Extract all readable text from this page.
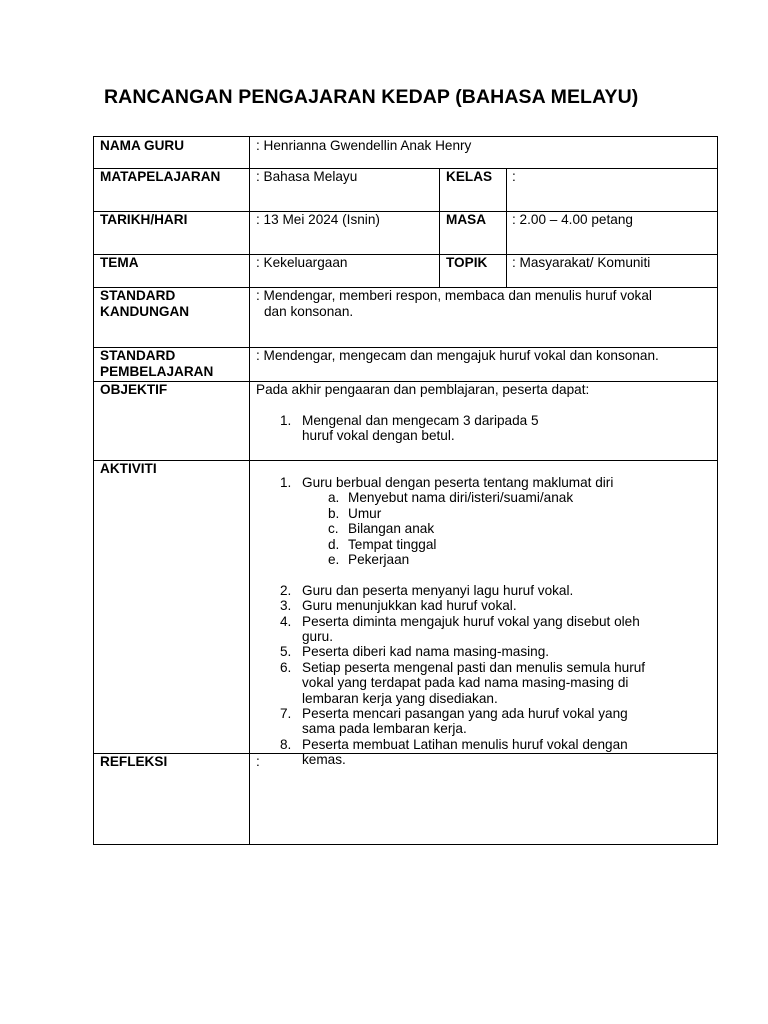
RANCANGAN PENGAJARAN KEDAP (BAHASA MELAYU)
NAMA GURU	: Henrianna Gwendellin Anak Henry
MATAPELAJARAN	: Bahasa Melayu	KELAS :
TARIKH/HARI	: 13 Mei 2024 (Isnin)	MASA : 2.00 – 4.00 petang
TEMA	: Kekeluargaan	TOPIK : Masyarakat/ Komuniti
STANDARD
KANDUNGAN
: Mendengar, memberi respon, membaca dan menulis huruf vokal
dan konsonan.
STANDARD
PEMBELAJARAN
: Mendengar, mengecam dan mengajuk huruf vokal dan konsonan.
OBJEKTIF	Pada akhir pengaaran dan pemblajaran, peserta dapat:
1. Mengenal dan mengecam 3 daripada 5 huruf vokal dengan betul.
AKTIVITI
1. Guru berbual dengan peserta tentang maklumat diri
a. Menyebut nama diri/isteri/suami/anak
b. Umur
c. Bilangan anak
d. Tempat tinggal
e. Pekerjaan
2. Guru dan peserta menyanyi lagu huruf vokal.
3. Guru menunjukkan kad huruf vokal.
4. Peserta diminta mengajuk huruf vokal yang disebut oleh guru.
5. Peserta diberi kad nama masing-masing.
6. Setiap peserta mengenal pasti dan menulis semula huruf vokal yang terdapat pada kad nama masing-masing di lembaran kerja yang disediakan.
7. Peserta mencari pasangan yang ada huruf vokal yang sama pada lembaran kerja.
8. Peserta membuat Latihan menulis huruf vokal dengan kemas.
REFLEKSI	:
